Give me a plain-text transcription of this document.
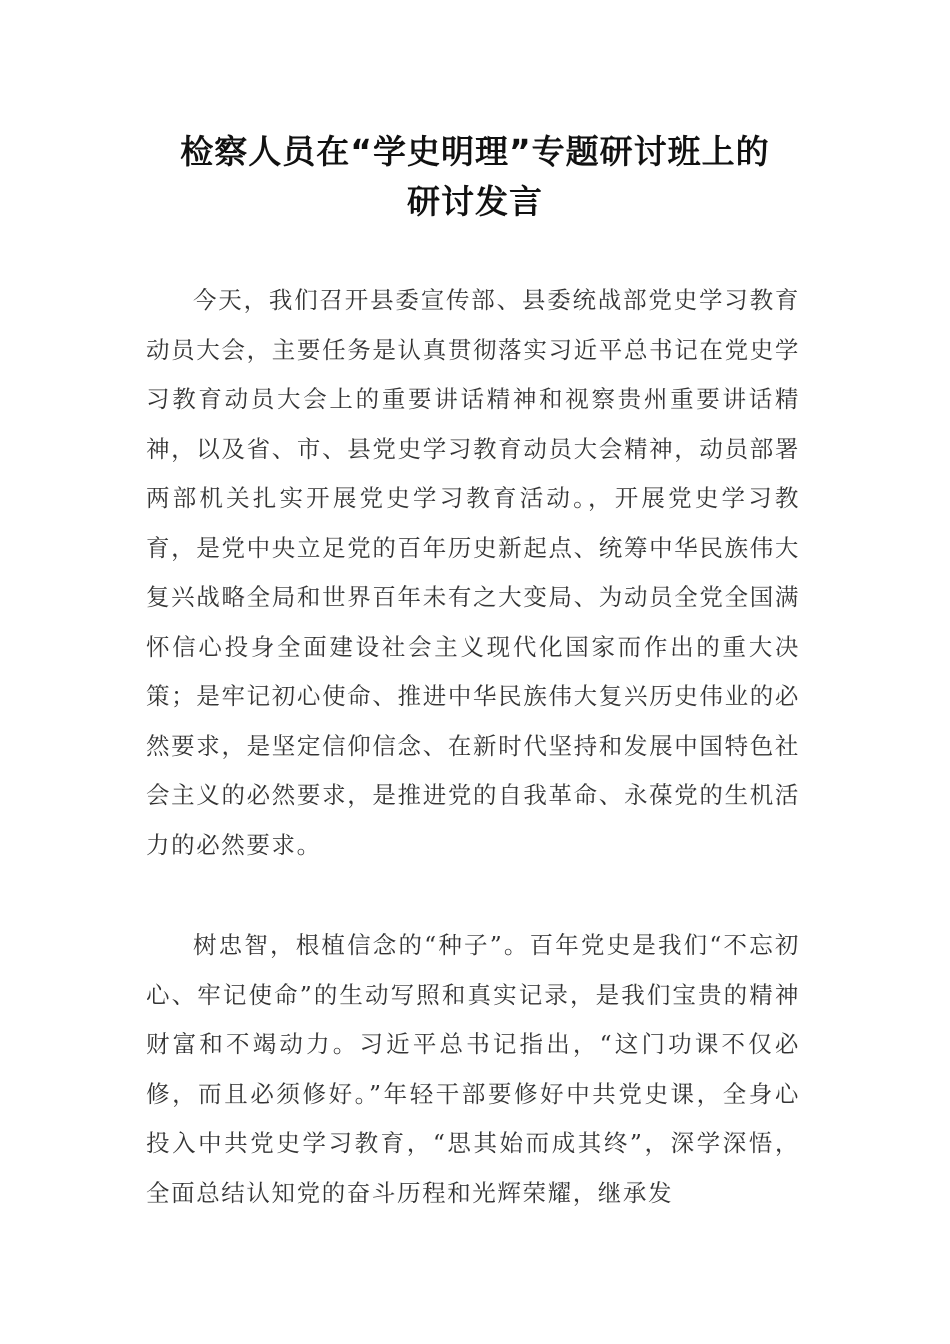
检察人员在“学史明理”专题研讨班上的
研讨发言

今天，我们召开县委宣传部、县委统战部党史学习教育动员大会，主要任务是认真贯彻落实习近平总书记在党史学习教育动员大会上的重要讲话精神和视察贵州重要讲话精神，以及省、市、县党史学习教育动员大会精神，动员部署两部机关扎实开展党史学习教育活动。，开展党史学习教育，是党中央立足党的百年历史新起点、统筹中华民族伟大复兴战略全局和世界百年未有之大变局、为动员全党全国满怀信心投身全面建设社会主义现代化国家而作出的重大决策；是牢记初心使命、推进中华民族伟大复兴历史伟业的必然要求，是坚定信仰信念、在新时代坚持和发展中国特色社会主义的必然要求，是推进党的自我革命、永葆党的生机活力的必然要求。

树忠智，根植信念的“种子”。百年党史是我们“不忘初心、牢记使命”的生动写照和真实记录，是我们宝贵的精神财富和不竭动力。习近平总书记指出，“这门功课不仅必修，而且必须修好。”年轻干部要修好中共党史课，全身心投入中共党史学习教育，“思其始而成其终”，深学深悟，全面总结认知党的奋斗历程和光辉荣耀，继承发
